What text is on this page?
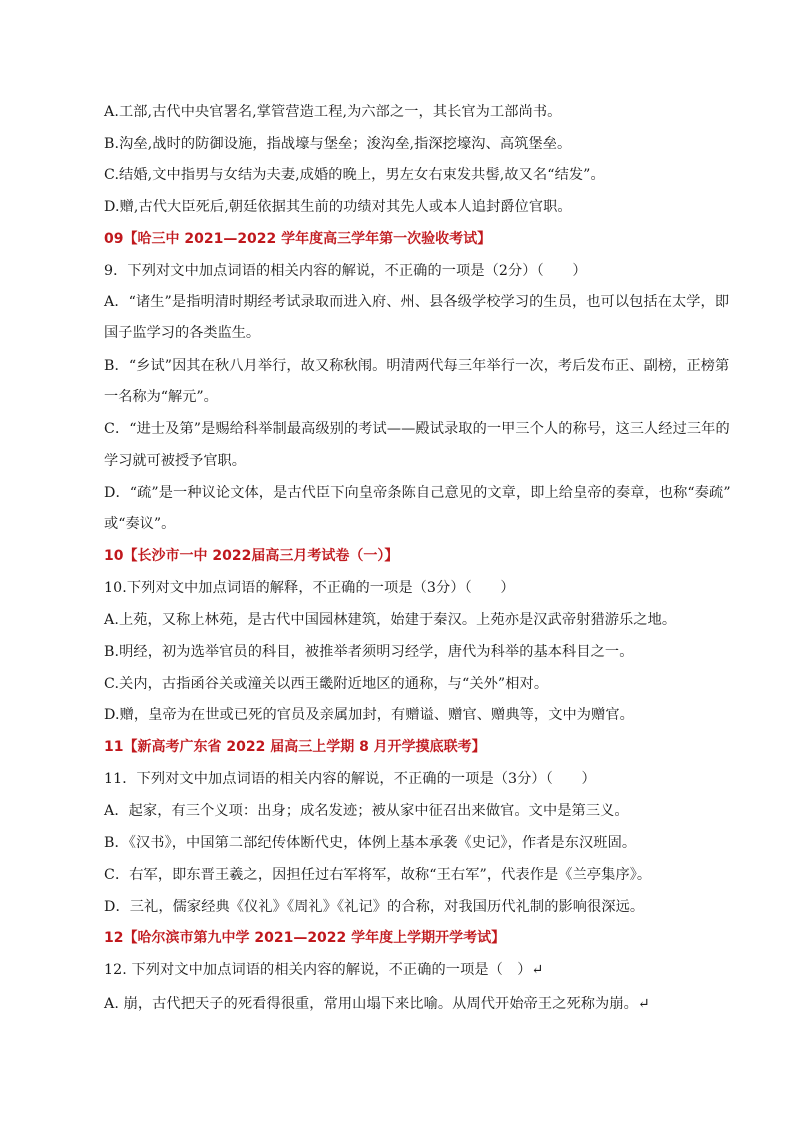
A.工部,古代中央官署名,掌管营造工程,为六部之一，其长官为工部尚书。
B.沟垒,战时的防御设施，指战壕与堡垒；浚沟垒,指深挖壕沟、高筑堡垒。
C.结婚,文中指男与女结为夫妻,成婚的晚上，男左女右束发共髻,故又名“结发”。
D.赠,古代大臣死后,朝廷依据其生前的功绩对其先人或本人追封爵位官职。
09【哈三中 2021—2022 学年度高三学年第一次验收考试】
9．下列对文中加点词语的相关内容的解说，不正确的一项是（2分）（　　）
A．“诸生”是指明清时期经考试录取而进入府、州、县各级学校学习的生员，也可以包括在太学，即
国子监学习的各类监生。
B．“乡试”因其在秋八月举行，故又称秋闱。明清两代每三年举行一次，考后发布正、副榜，正榜第
一名称为“解元”。
C．“进士及第”是赐给科举制最高级别的考试——殿试录取的一甲三个人的称号，这三人经过三年的
学习就可被授予官职。
D．“疏”是一种议论文体，是古代臣下向皇帝条陈自己意见的文章，即上给皇帝的奏章，也称“奏疏”
或“奏议”。
10【长沙市一中 2022届高三月考试卷（一）】
10.下列对文中加点词语的解释，不正确的一项是（3分）（　　）
A.上苑，又称上林苑，是古代中国园林建筑，始建于秦汉。上苑亦是汉武帝射猎游乐之地。
B.明经，初为选举官员的科目，被推举者须明习经学，唐代为科举的基本科目之一。
C.关内，古指函谷关或潼关以西王畿附近地区的通称，与“关外”相对。
D.赠，皇帝为在世或已死的官员及亲属加封，有赠谥、赠官、赠典等，文中为赠官。
11【新高考广东省 2022 届高三上学期 8 月开学摸底联考】
11．下列对文中加点词语的相关内容的解说，不正确的一项是（3分）（　　）
A．起家，有三个义项：出身；成名发迹；被从家中征召出来做官。文中是第三义。
B．《汉书》，中国第二部纪传体断代史，体例上基本承袭《史记》，作者是东汉班固。
C．右军，即东晋王羲之，因担任过右军将军，故称“王右军”，代表作是《兰亭集序》。
D．三礼，儒家经典《仪礼》《周礼》《礼记》的合称，对我国历代礼制的影响很深远。
12【哈尔滨市第九中学 2021—2022 学年度上学期开学考试】
12. 下列对文中加点词语的相关内容的解说，不正确的一项是（　）↵
A. 崩，古代把天子的死看得很重，常用山塌下来比喻。从周代开始帝王之死称为崩。↵
